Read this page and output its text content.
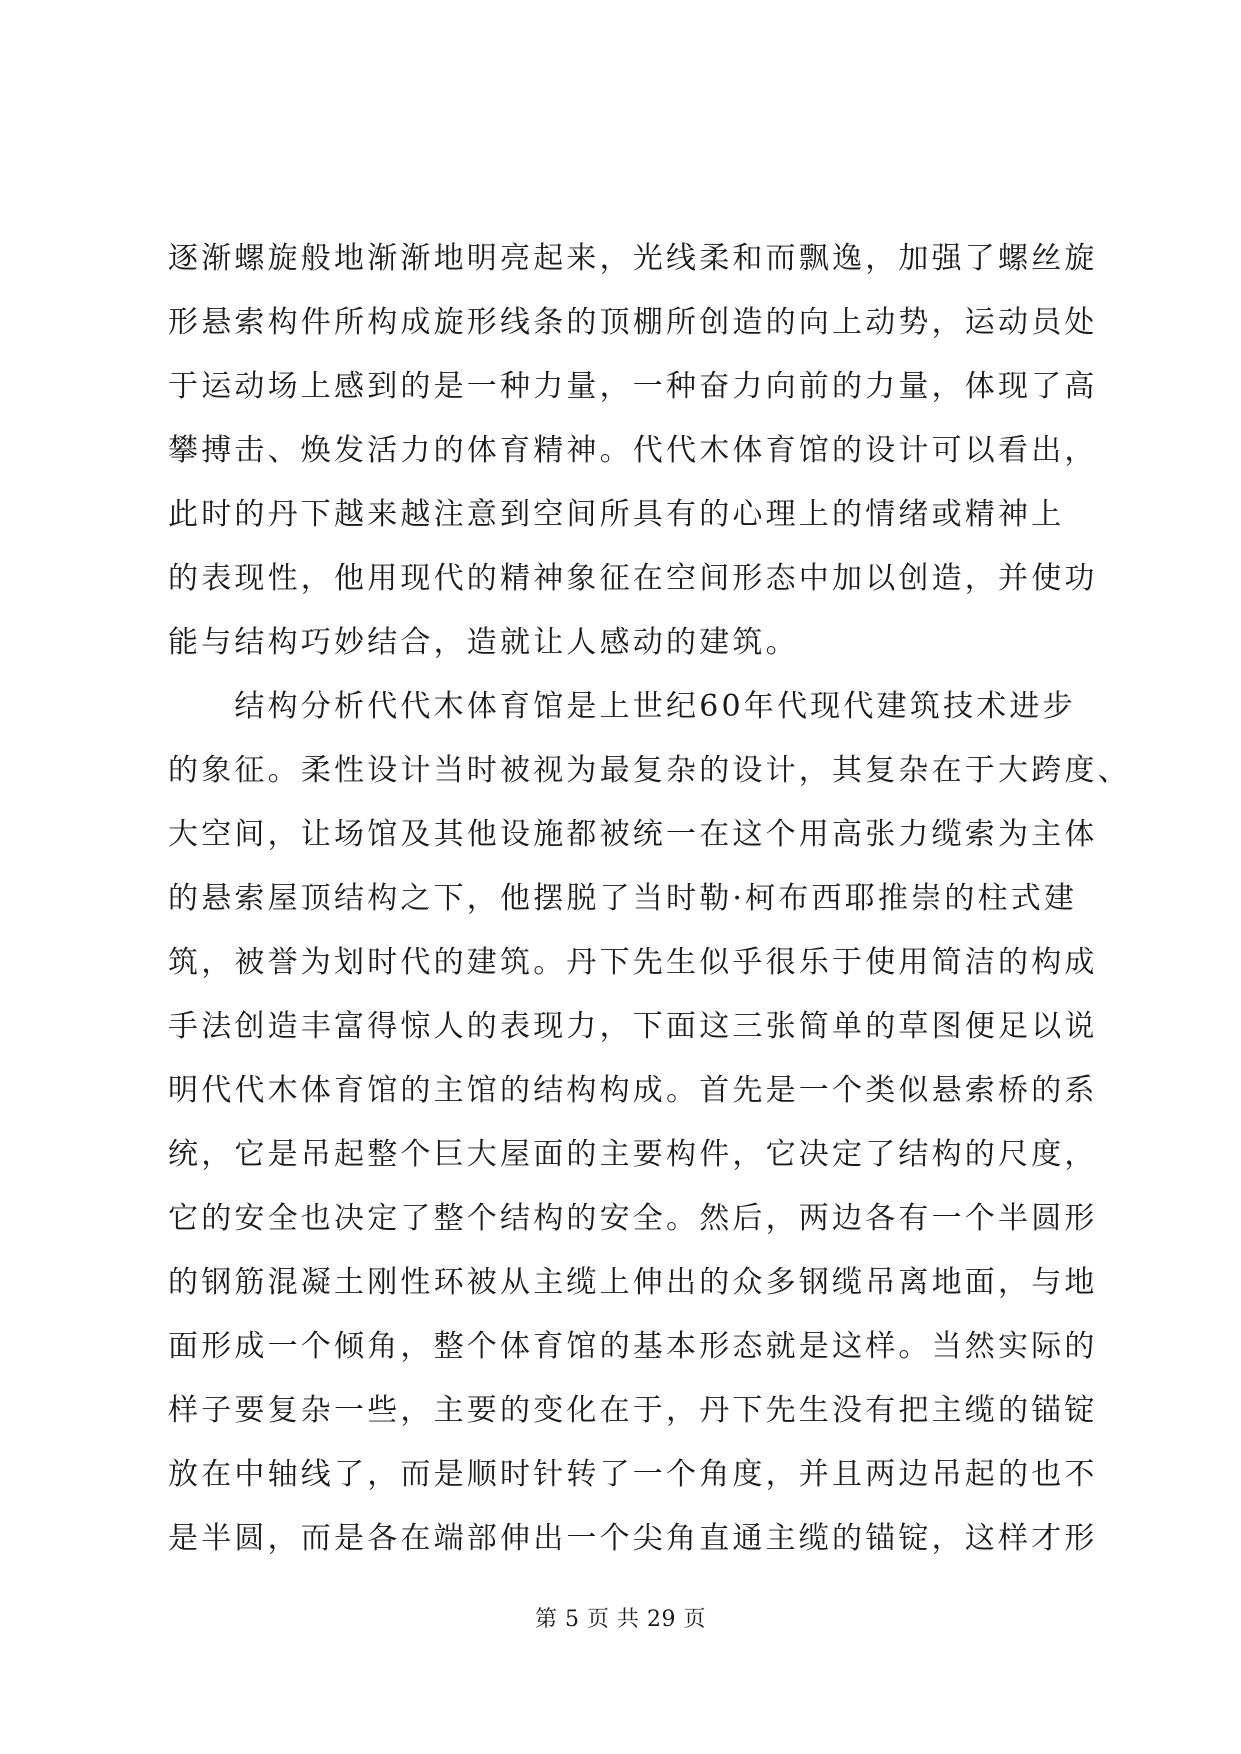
逐渐螺旋般地渐渐地明亮起来，光线柔和而飘逸，加强了螺丝旋
形悬索构件所构成旋形线条的顶棚所创造的向上动势，运动员处
于运动场上感到的是一种力量，一种奋力向前的力量，体现了高
攀搏击、焕发活力的体育精神。代代木体育馆的设计可以看出，
此时的丹下越来越注意到空间所具有的心理上的情绪或精神上
的表现性，他用现代的精神象征在空间形态中加以创造，并使功
能与结构巧妙结合，造就让人感动的建筑。
　　结构分析代代木体育馆是上世纪60年代现代建筑技术进步
的象征。柔性设计当时被视为最复杂的设计，其复杂在于大跨度、
大空间，让场馆及其他设施都被统一在这个用高张力缆索为主体
的悬索屋顶结构之下，他摆脱了当时勒·柯布西耶推崇的柱式建
筑，被誉为划时代的建筑。丹下先生似乎很乐于使用简洁的构成
手法创造丰富得惊人的表现力，下面这三张简单的草图便足以说
明代代木体育馆的主馆的结构构成。首先是一个类似悬索桥的系
统，它是吊起整个巨大屋面的主要构件，它决定了结构的尺度，
它的安全也决定了整个结构的安全。然后，两边各有一个半圆形
的钢筋混凝土刚性环被从主缆上伸出的众多钢缆吊离地面，与地
面形成一个倾角，整个体育馆的基本形态就是这样。当然实际的
样子要复杂一些，主要的变化在于，丹下先生没有把主缆的锚锭
放在中轴线了，而是顺时针转了一个角度，并且两边吊起的也不
是半圆，而是各在端部伸出一个尖角直通主缆的锚锭，这样才形
第 5 页 共 29 页
